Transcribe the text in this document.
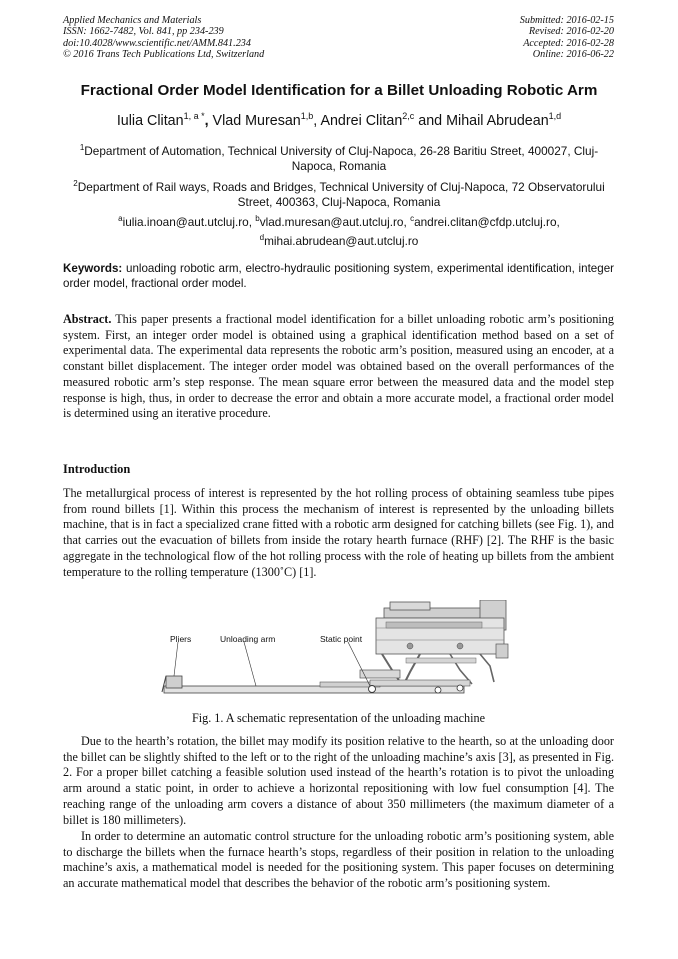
Applied Mechanics and Materials
ISSN: 1662-7482, Vol. 841, pp 234-239
doi:10.4028/www.scientific.net/AMM.841.234
© 2016 Trans Tech Publications Ltd, Switzerland
Submitted: 2016-02-15
Revised: 2016-02-20
Accepted: 2016-02-28
Online: 2016-06-22
Fractional Order Model Identification for a Billet Unloading Robotic Arm
Iulia Clitan$^{1, a *}$, Vlad Muresan$^{1,b}$, Andrei Clitan$^{2,c}$ and Mihail Abrudean$^{1,d}$
$^1$Department of Automation, Technical University of Cluj-Napoca, 26-28 Baritiu Street, 400027, Cluj-Napoca, Romania
$^2$Department of Rail ways, Roads and Bridges, Technical University of Cluj-Napoca, 72 Observatorului Street, 400363, Cluj-Napoca, Romania
$^a$iulia.inoan@aut.utcluj.ro, $^b$vlad.muresan@aut.utcluj.ro, $^c$andrei.clitan@cfdp.utcluj.ro,
$^d$mihai.abrudean@aut.utcluj.ro
Keywords: unloading robotic arm, electro-hydraulic positioning system, experimental identification, integer order model, fractional order model.
Abstract. This paper presents a fractional model identification for a billet unloading robotic arm’s positioning system. First, an integer order model is obtained using a graphical identification method based on a set of experimental data. The experimental data represents the robotic arm’s position, measured using an encoder, at a constant billet displacement. The integer order model was obtained based on the overall performances of the measured robotic arm’s step response. The mean square error between the measured data and the model step response is high, thus, in order to decrease the error and obtain a more accurate model, a fractional order model is determined using an iterative procedure.
Introduction
The metallurgical process of interest is represented by the hot rolling process of obtaining seamless tube pipes from round billets [1]. Within this process the mechanism of interest is represented by the unloading billets machine, that is in fact a specialized crane fitted with a robotic arm designed for catching billets (see Fig. 1), and that carries out the evacuation of billets from inside the rotary hearth furnace (RHF) [2]. The RHF is the basic aggregate in the technological flow of the hot rolling process with the role of heating up billets from the ambient temperature to the rolling temperature (1300˚C) [1].
Pliers	Unloading arm	Static point
Fig. 1. A schematic representation of the unloading machine
Due to the hearth’s rotation, the billet may modify its position relative to the hearth, so at the unloading door the billet can be slightly shifted to the left or to the right of the unloading machine’s axis [3], as presented in Fig. 2. For a proper billet catching a feasible solution used instead of the hearth’s rotation is to pivot the unloading arm around a static point, in order to achieve a horizontal repositioning with low fuel consumption [4]. The reaching range of the unloading arm covers a distance of about 350 millimeters (the maximum diameter of a billet is 180 millimeters).
In order to determine an automatic control structure for the unloading robotic arm’s positioning system, able to discharge the billets when the furnace hearth’s stops, regardless of their position in relation to the unloading machine’s axis, a mathematical model is needed for the positioning system. This paper focuses on determining an accurate mathematical model that describes the behavior of the robotic arm’s positioning system.
